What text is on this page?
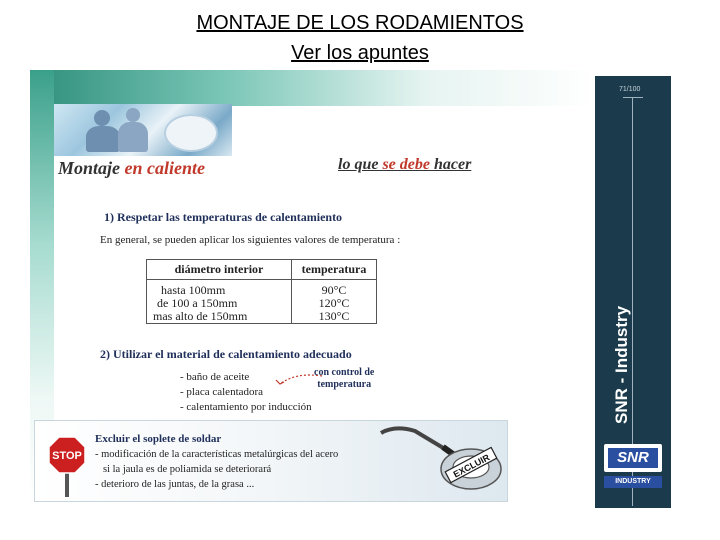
MONTAJE DE LOS RODAMIENTOS
Ver los apuntes
Montaje en caliente	lo que se debe hacer
1) Respetar las temperaturas de calentamiento
En general, se pueden aplicar los siguientes valores de temperatura :
diámetro interior	temperatura

hasta 100mm	90°C
de 100 a 150mm	120°C
mas alto de 150mm	130°C
2) Utilizar el material de calentamiento adecuado
- baño de aceite
- placa calentadora
- calentamiento por inducción
con control de
temperatura
STOP
Excluir el soplete de soldar
- modificación de la características metalúrgicas del acero
si la jaula es de poliamida se deteriorará
- deterioro de las juntas, de la grasa ...
EXCLUIR
71/100
SNR - Industry
SNR
INDUSTRY
